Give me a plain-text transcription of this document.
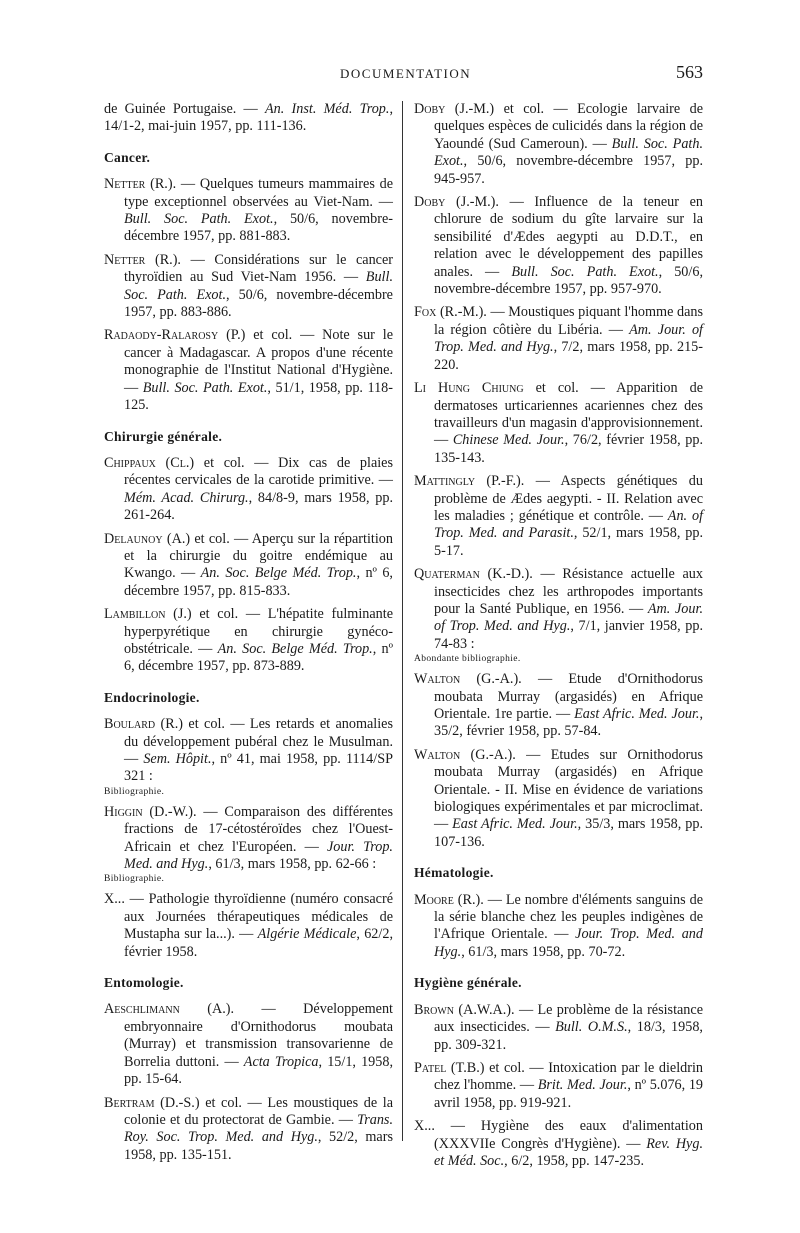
DOCUMENTATION	563

de Guinée Portugaise. — An. Inst. Méd. Trop., 14/1-2, mai-juin 1957, pp. 111-136.

Cancer.

Netter (R.). — Quelques tumeurs mammaires de type exceptionnel observées au Viet-Nam. — Bull. Soc. Path. Exot., 50/6, novembre-décembre 1957, pp. 881-883.

Netter (R.). — Considérations sur le cancer thyroïdien au Sud Viet-Nam 1956. — Bull. Soc. Path. Exot., 50/6, novembre-décembre 1957, pp. 883-886.

Radaody-Ralarosy (P.) et col. — Note sur le cancer à Madagascar. A propos d'une récente monographie de l'Institut National d'Hygiène. — Bull. Soc. Path. Exot., 51/1, 1958, pp. 118-125.

Chirurgie générale.

Chippaux (Cl.) et col. — Dix cas de plaies récentes cervicales de la carotide primitive. — Mém. Acad. Chirurg., 84/8-9, mars 1958, pp. 261-264.

Delaunoy (A.) et col. — Aperçu sur la répartition et la chirurgie du goitre endémique au Kwango. — An. Soc. Belge Méd. Trop., nº 6, décembre 1957, pp. 815-833.

Lambillon (J.) et col. — L'hépatite fulminante hyperpyrétique en chirurgie gynéco-obstétricale. — An. Soc. Belge Méd. Trop., nº 6, décembre 1957, pp. 873-889.

Endocrinologie.

Boulard (R.) et col. — Les retards et anomalies du développement pubéral chez le Musulman. — Sem. Hôpit., nº 41, mai 1958, pp. 1114/SP 321 :
Bibliographie.

Higgin (D.-W.). — Comparaison des différentes fractions de 17-cétostéroïdes chez l'Ouest-Africain et chez l'Européen. — Jour. Trop. Med. and Hyg., 61/3, mars 1958, pp. 62-66 :
Bibliographie.

X... — Pathologie thyroïdienne (numéro consacré aux Journées thérapeutiques médicales de Mustapha sur la...). — Algérie Médicale, 62/2, février 1958.

Entomologie.

Aeschlimann (A.). — Développement embryonnaire d'Ornithodorus moubata (Murray) et transmission transovarienne de Borrelia duttoni. — Acta Tropica, 15/1, 1958, pp. 15-64.

Bertram (D.-S.) et col. — Les moustiques de la colonie et du protectorat de Gambie. — Trans. Roy. Soc. Trop. Med. and Hyg., 52/2, mars 1958, pp. 135-151.

Doby (J.-M.) et col. — Ecologie larvaire de quelques espèces de culicidés dans la région de Yaoundé (Sud Cameroun). — Bull. Soc. Path. Exot., 50/6, novembre-décembre 1957, pp. 945-957.

Doby (J.-M.). — Influence de la teneur en chlorure de sodium du gîte larvaire sur la sensibilité d'Ædes aegypti au D.D.T., en relation avec le développement des papilles anales. — Bull. Soc. Path. Exot., 50/6, novembre-décembre 1957, pp. 957-970.

Fox (R.-M.). — Moustiques piquant l'homme dans la région côtière du Libéria. — Am. Jour. of Trop. Med. and Hyg., 7/2, mars 1958, pp. 215-220.

Li Hung Chiung et col. — Apparition de dermatoses urticariennes acariennes chez des travailleurs d'un magasin d'approvisionnement. — Chinese Med. Jour., 76/2, février 1958, pp. 135-143.

Mattingly (P.-F.). — Aspects génétiques du problème de Ædes aegypti. - II. Relation avec les maladies ; génétique et contrôle. — An. of Trop. Med. and Parasit., 52/1, mars 1958, pp. 5-17.

Quaterman (K.-D.). — Résistance actuelle aux insecticides chez les arthropodes importants pour la Santé Publique, en 1956. — Am. Jour. of Trop. Med. and Hyg., 7/1, janvier 1958, pp. 74-83 :
Abondante bibliographie.

Walton (G.-A.). — Etude d'Ornithodorus moubata Murray (argasidés) en Afrique Orientale. 1re partie. — East Afric. Med. Jour., 35/2, février 1958, pp. 57-84.

Walton (G.-A.). — Etudes sur Ornithodorus moubata Murray (argasidés) en Afrique Orientale. - II. Mise en évidence de variations biologiques expérimentales et par microclimat. — East Afric. Med. Jour., 35/3, mars 1958, pp. 107-136.

Hématologie.

Moore (R.). — Le nombre d'éléments sanguins de la série blanche chez les peuples indigènes de l'Afrique Orientale. — Jour. Trop. Med. and Hyg., 61/3, mars 1958, pp. 70-72.

Hygiène générale.

Brown (A.W.A.). — Le problème de la résistance aux insecticides. — Bull. O.M.S., 18/3, 1958, pp. 309-321.

Patel (T.B.) et col. — Intoxication par le dieldrin chez l'homme. — Brit. Med. Jour., nº 5.076, 19 avril 1958, pp. 919-921.

X... — Hygiène des eaux d'alimentation (XXXVIIe Congrès d'Hygiène). — Rev. Hyg. et Méd. Soc., 6/2, 1958, pp. 147-235.
